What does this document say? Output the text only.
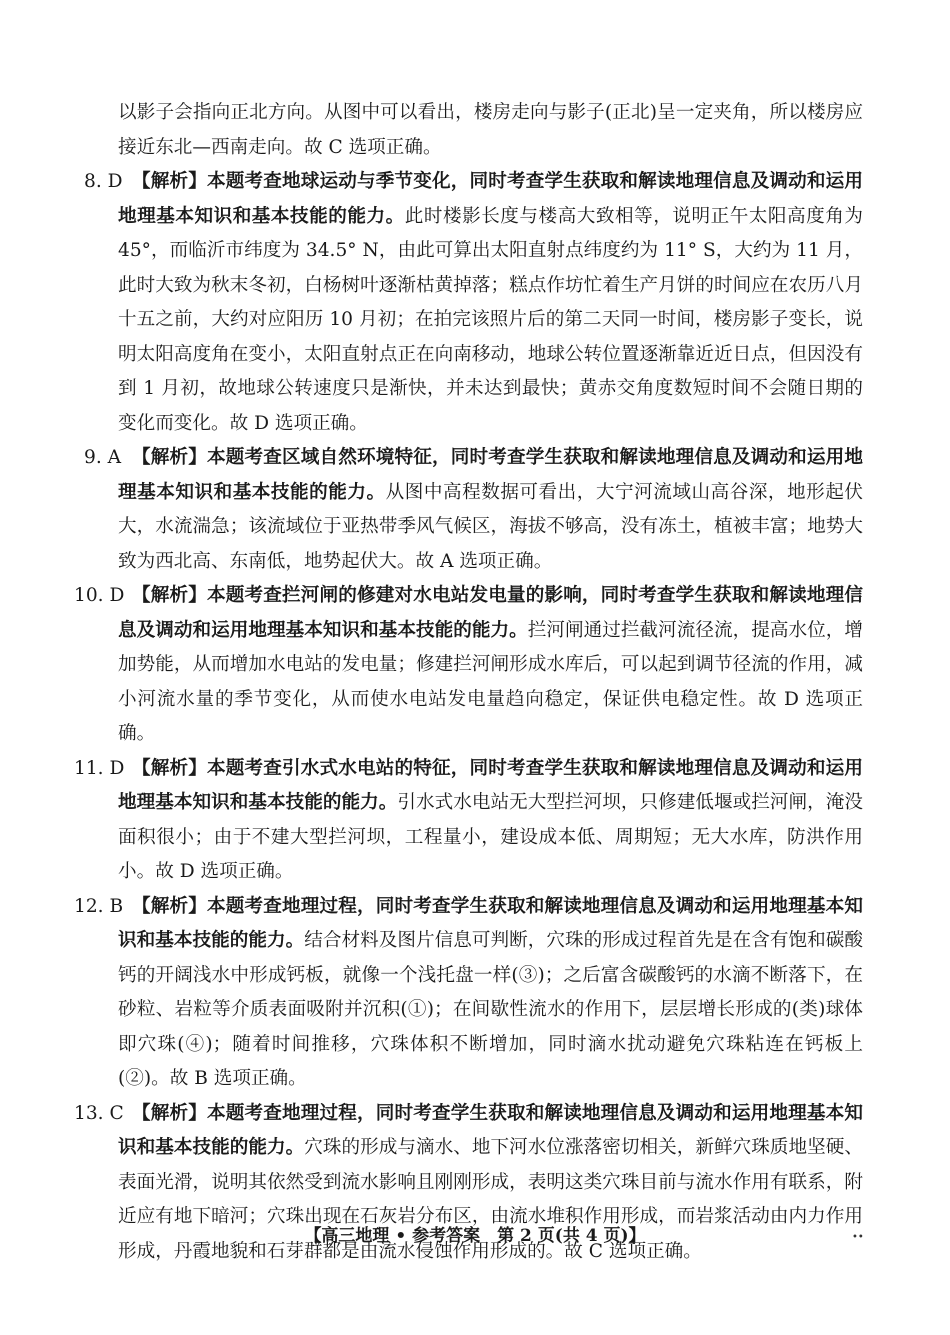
以影子会指向正北方向。从图中可以看出，楼房走向与影子(正北)呈一定夹角，所以楼房应接近东北—西南走向。故 C 选项正确。

8. D 【解析】本题考查地球运动与季节变化，同时考查学生获取和解读地理信息及调动和运用地理基本知识和基本技能的能力。此时楼影长度与楼高大致相等，说明正午太阳高度角为 45°，而临沂市纬度为 34.5° N，由此可算出太阳直射点纬度约为 11° S，大约为 11 月，此时大致为秋末冬初，白杨树叶逐渐枯黄掉落；糕点作坊忙着生产月饼的时间应在农历八月十五之前，大约对应阳历 10 月初；在拍完该照片后的第二天同一时间，楼房影子变长，说明太阳高度角在变小，太阳直射点正在向南移动，地球公转位置逐渐靠近近日点，但因没有到 1 月初，故地球公转速度只是渐快，并未达到最快；黄赤交角度数短时间不会随日期的变化而变化。故 D 选项正确。

9. A 【解析】本题考查区域自然环境特征，同时考查学生获取和解读地理信息及调动和运用地理基本知识和基本技能的能力。从图中高程数据可看出，大宁河流域山高谷深，地形起伏大，水流湍急；该流域位于亚热带季风气候区，海拔不够高，没有冻土，植被丰富；地势大致为西北高、东南低，地势起伏大。故 A 选项正确。

10. D 【解析】本题考查拦河闸的修建对水电站发电量的影响，同时考查学生获取和解读地理信息及调动和运用地理基本知识和基本技能的能力。拦河闸通过拦截河流径流，提高水位，增加势能，从而增加水电站的发电量；修建拦河闸形成水库后，可以起到调节径流的作用，减小河流水量的季节变化，从而使水电站发电量趋向稳定，保证供电稳定性。故 D 选项正确。

11. D 【解析】本题考查引水式水电站的特征，同时考查学生获取和解读地理信息及调动和运用地理基本知识和基本技能的能力。引水式水电站无大型拦河坝，只修建低堰或拦河闸，淹没面积很小；由于不建大型拦河坝，工程量小，建设成本低、周期短；无大水库，防洪作用小。故 D 选项正确。

12. B 【解析】本题考查地理过程，同时考查学生获取和解读地理信息及调动和运用地理基本知识和基本技能的能力。结合材料及图片信息可判断，穴珠的形成过程首先是在含有饱和碳酸钙的开阔浅水中形成钙板，就像一个浅托盘一样(③)；之后富含碳酸钙的水滴不断落下，在砂粒、岩粒等介质表面吸附并沉积(①)；在间歇性流水的作用下，层层增长形成的(类)球体即穴珠(④)；随着时间推移，穴珠体积不断增加，同时滴水扰动避免穴珠粘连在钙板上(②)。故 B 选项正确。

13. C 【解析】本题考查地理过程，同时考查学生获取和解读地理信息及调动和运用地理基本知识和基本技能的能力。穴珠的形成与滴水、地下河水位涨落密切相关，新鲜穴珠质地坚硬、表面光滑，说明其依然受到流水影响且刚刚形成，表明这类穴珠目前与流水作用有联系，附近应有地下暗河；穴珠出现在石灰岩分布区，由流水堆积作用形成，而岩浆活动由内力作用形成，丹霞地貌和石芽群都是由流水侵蚀作用形成的。故 C 选项正确。

【高三地理 • 参考答案　第 2 页(共 4 页)】	••
